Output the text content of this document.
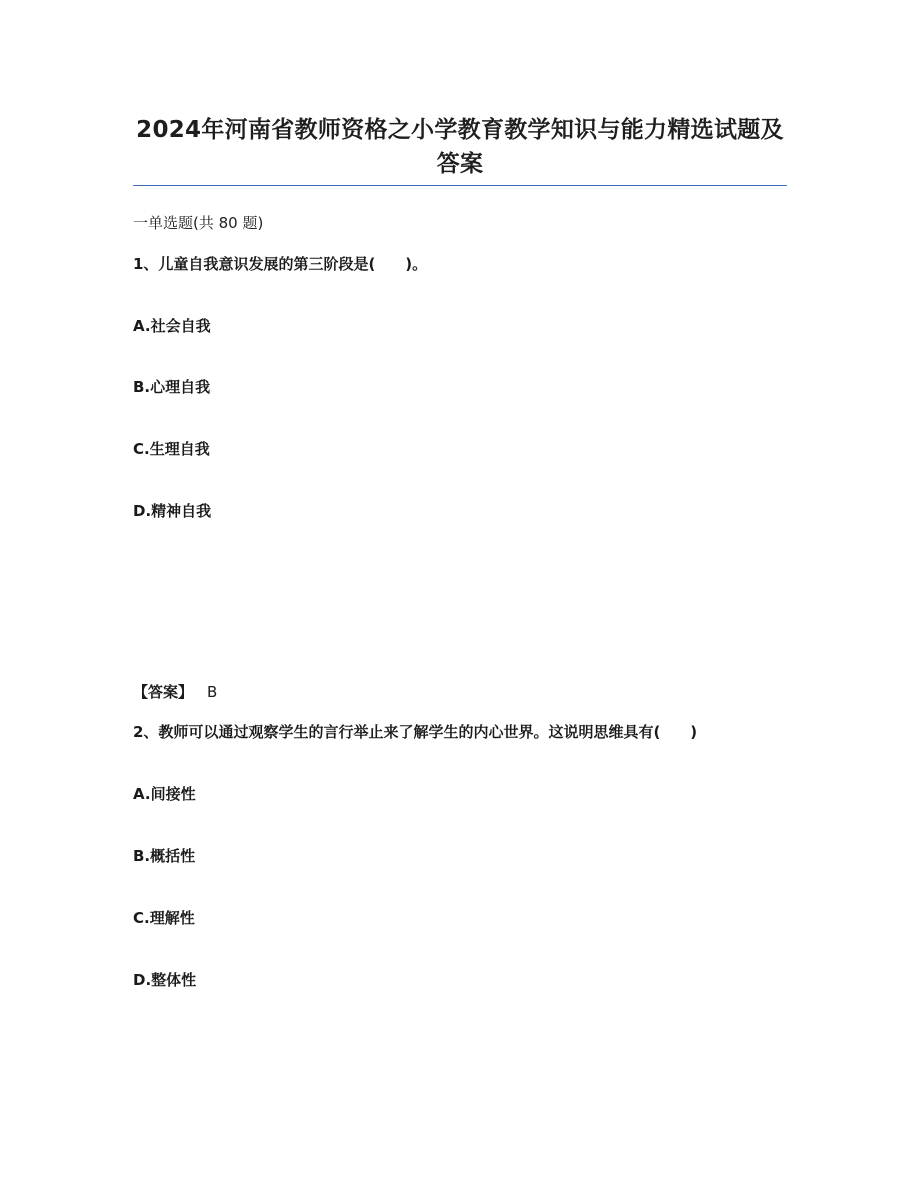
2024年河南省教师资格之小学教育教学知识与能力精选试题及答案
一单选题(共 80 题)
1、儿童自我意识发展的第三阶段是(　　)。
A.社会自我
B.心理自我
C.生理自我
D.精神自我
【答案】 B
2、教师可以通过观察学生的言行举止来了解学生的内心世界。这说明思维具有(　　)
A.间接性
B.概括性
C.理解性
D.整体性
